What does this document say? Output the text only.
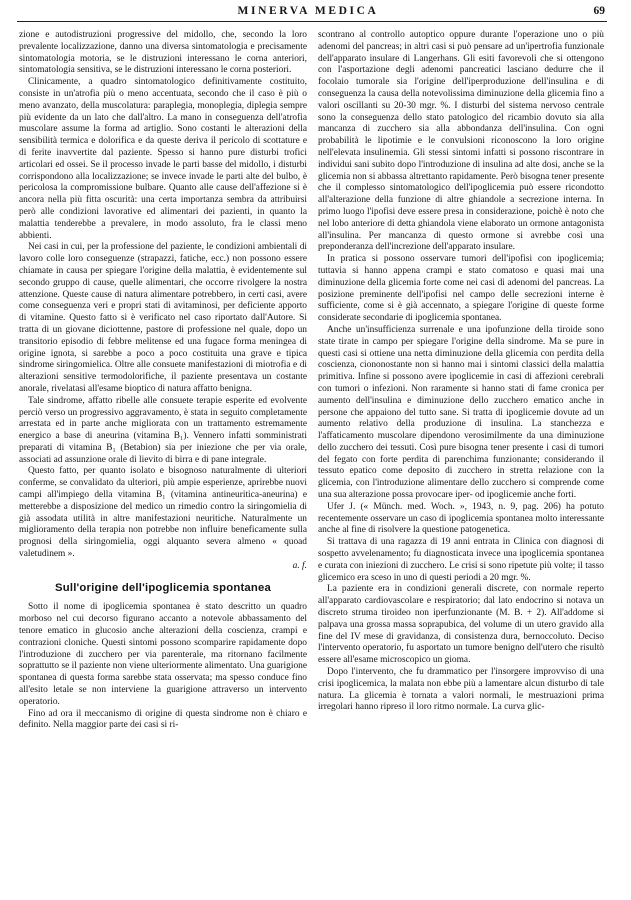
MINERVA MEDICA	69

zione e autodistruzioni progressive del midollo, che, secondo la loro prevalente localizzazione, danno una diversa sintomatologia e precisamente sintomatologia motoria, se le distruzioni interessano le corna anteriori, sintomatologia sensitiva, se le distruzioni interessano le corna posteriori.

Clinicamente, a quadro sintomatologico definitivamente costituito, consiste in un'atrofia più o meno accentuata, secondo che il caso è più o meno avanzato, della muscolatura: paraplegia, monoplegia, diplegia sempre più evidente da un lato che dall'altro. La mano in conseguenza dell'atrofia muscolare assume la forma ad artiglio. Sono costanti le alterazioni della sensibilità termica e dolorifica e da queste deriva il pericolo di scottature e di ferite inavvertite dal paziente. Spesso si hanno pure disturbi trofici articolari ed ossei. Se il processo invade le parti basse del midollo, i disturbi corrispondono alla localizzazione; se invece invade le parti alte del bulbo, è pericolosa la compromissione bulbare. Quanto alle cause dell'affezione si è ancora nella più fitta oscurità: una certa importanza sembra da attribuirsi però alle condizioni lavorative ed alimentari dei pazienti, in quanto la malattia tenderebbe a prevalere, in modo assoluto, fra le classi meno abbienti.

Nei casi in cui, per la professione del paziente, le condizioni ambientali di lavoro colle loro conseguenze (strapazzi, fatiche, ecc.) non possono essere chiamate in causa per spiegare l'origine della malattia, è evidentemente sul secondo gruppo di cause, quelle alimentari, che occorre rivolgere la nostra attenzione. Queste cause di natura alimentare potrebbero, in certi casi, avere come conseguenza veri e propri stati di avitaminosi, per deficiente apporto di vitamine. Questo fatto si è verificato nel caso riportato dall'Autore. Si tratta di un giovane diciottenne, pastore di professione nel quale, dopo un transitorio episodio di febbre melitense ed una fugace forma meningea di origine ignota, si sarebbe a poco a poco costituita una grave e tipica sindrome siringomielica. Oltre alle consuete manifestazioni di miotrofia e di alterazioni sensitive termodolorifiche, il paziente presentava un costante anorale, rivelatasi all'esame bioptico di natura affatto benigna.

Tale sindrome, affatto ribelle alle consuete terapie esperite ed evolvente perciò verso un progressivo aggravamento, è stata in seguito completamente arrestata ed in parte anche migliorata con un trattamento estremamente energico a base di aneurina (vitamina B₁). Vennero infatti somministrati preparati di vitamina B₁ (Betabion) sia per iniezione che per via orale, associati ad assunzione orale di lievito di birra e di pane integrale.

Questo fatto, per quanto isolato e bisognoso naturalmente di ulteriori conferme, se convalidato da ulteriori, più ampie esperienze, aprirebbe nuovi campi all'impiego della vitamina B₁ (vitamina antineuritica-aneurina) e metterebbe a disposizione del medico un rimedio contro la siringomielia di già assodata utilità in altre manifestazioni neuritiche. Naturalmente un miglioramento della terapia non potrebbe non influire beneficamente sulla prognosi della siringomielia, oggi alquanto severa almeno « quoad valetudinem ».

a. f.

Sull'origine dell'ipoglicemia spontanea

Sotto il nome di ipoglicemia spontanea è stato descritto un quadro morboso nel cui decorso figurano accanto a notevole abbassamento del tenore ematico in glucosio anche alterazioni della coscienza, crampi e contrazioni cloniche. Questi sintomi possono scomparire rapidamente dopo l'introduzione di zucchero per via parenterale, ma ritornano facilmente soprattutto se il paziente non viene ulteriormente alimentato. Una guarigione spontanea di questa forma sarebbe stata osservata; ma spesso conduce fino all'esito letale se non interviene la guarigione attraverso un intervento operatorio.

Fino ad ora il meccanismo di origine di questa sindrome non è chiaro e definito. Nella maggior parte dei casi si ri-

scontrano al controllo autoptico oppure durante l'operazione uno o più adenomi del pancreas; in altri casi si può pensare ad un'ipertrofia funzionale dell'apparato insulare di Langerhans. Gli esiti favorevoli che si ottengono con l'asportazione degli adenomi pancreatici lasciano dedurre che il focolaio tumorale sia l'origine dell'iperproduzione dell'insulina e di conseguenza la causa della notevolissima diminuzione della glicemia fino a valori oscillanti su 20-30 mgr. %. I disturbi del sistema nervoso centrale sono la conseguenza dello stato patologico del ricambio dovuto sia alla mancanza di zucchero sia alla abbondanza dell'insulina. Con ogni probabilità le lipotimie e le convulsioni riconoscono la loro origine nell'elevata insulinemia. Gli stessi sintomi infatti si possono riscontrare in individui sani subito dopo l'introduzione di insulina ad alte dosi, anche se la glicemia non si abbassa altrettanto rapidamente. Però bisogna tener presente che il complesso sintomatologico dell'ipoglicemia può essere ricondotto all'alterazione della funzione di altre ghiandole a secrezione interna. In primo luogo l'ipofisi deve essere presa in considerazione, poichè è noto che nel lobo anteriore di detta ghiandola viene elaborato un ormone antagonista all'insulina. Per mancanza di questo ormone si avrebbe così una preponderanza dell'increzione dell'apparato insulare.

In pratica si possono osservare tumori dell'ipofisi con ipoglicemia; tuttavia si hanno appena crampi e stato comatoso e quasi mai una diminuzione della glicemia forte come nei casi di adenomi del pancreas. La posizione preminente dell'ipofisi nel campo delle secrezioni interne è sufficiente, come si è già accennato, a spiegare l'origine di queste forme considerate secondarie di ipoglicemia spontanea.

Anche un'insufficienza surrenale e una ipofunzione della tiroide sono state tirate in campo per spiegare l'origine della sindrome. Ma se pure in questi casi si ottiene una netta diminuzione della glicemia con perdita della coscienza, ciononostante non si hanno mai i sintomi classici della malattia primitiva. Infine si possono avere ipoglicemie in casi di affezioni cerebrali con tumori o infezioni. Non raramente si hanno stati di fame cronica per aumento dell'insulina e diminuzione dello zucchero ematico anche in persone che appaiono del tutto sane. Si tratta di ipoglicemie dovute ad un aumento relativo della produzione di insulina. La stanchezza e l'affaticamento muscolare dipendono verosimilmente da una diminuzione dello zucchero dei tessuti. Così pure bisogna tener presente i casi di tumori del fegato con forte perdita di parenchima funzionante; considerando il tessuto epatico come deposito di zucchero in stretta relazione con la glicemia, con l'introduzione alimentare dello zucchero si comprende come una sua alterazione possa provocare iper- od ipoglicemie anche forti.

Ufer J. (« Münch. med. Woch. », 1943, n. 9, pag. 206) ha potuto recentemente osservare un caso di ipoglicemia spontanea molto interessante anche al fine di risolvere la questione patogenetica.

Si trattava di una ragazza di 19 anni entrata in Clinica con diagnosi di sospetto avvelenamento; fu diagnosticata invece una ipoglicemia spontanea e curata con iniezioni di zucchero. Le crisi si sono ripetute più volte; il tasso glicemico era sceso in uno di questi periodi a 20 mgr. %.

La paziente era in condizioni generali discrete, con normale reperto all'apparato cardiovascolare e respiratorio; dal lato endocrino si notava un discreto struma tiroideo non iperfunzionante (M. B. + 2). All'addome si palpava una grossa massa soprapubica, del volume di un utero gravido alla fine del IV mese di gravidanza, di consistenza dura, bernoccoluto. Deciso l'intervento operatorio, fu asportato un tumore benigno dell'utero che risultò essere all'esame microscopico un gioma.

Dopo l'intervento, che fu drammatico per l'insorgere improvviso di una crisi ipoglicemica, la malata non ebbe più a lamentare alcun disturbo di tale natura. La glicemia è tornata a valori normali, le mestruazioni prima irregolari hanno ripreso il loro ritmo normale. La curva glic-
